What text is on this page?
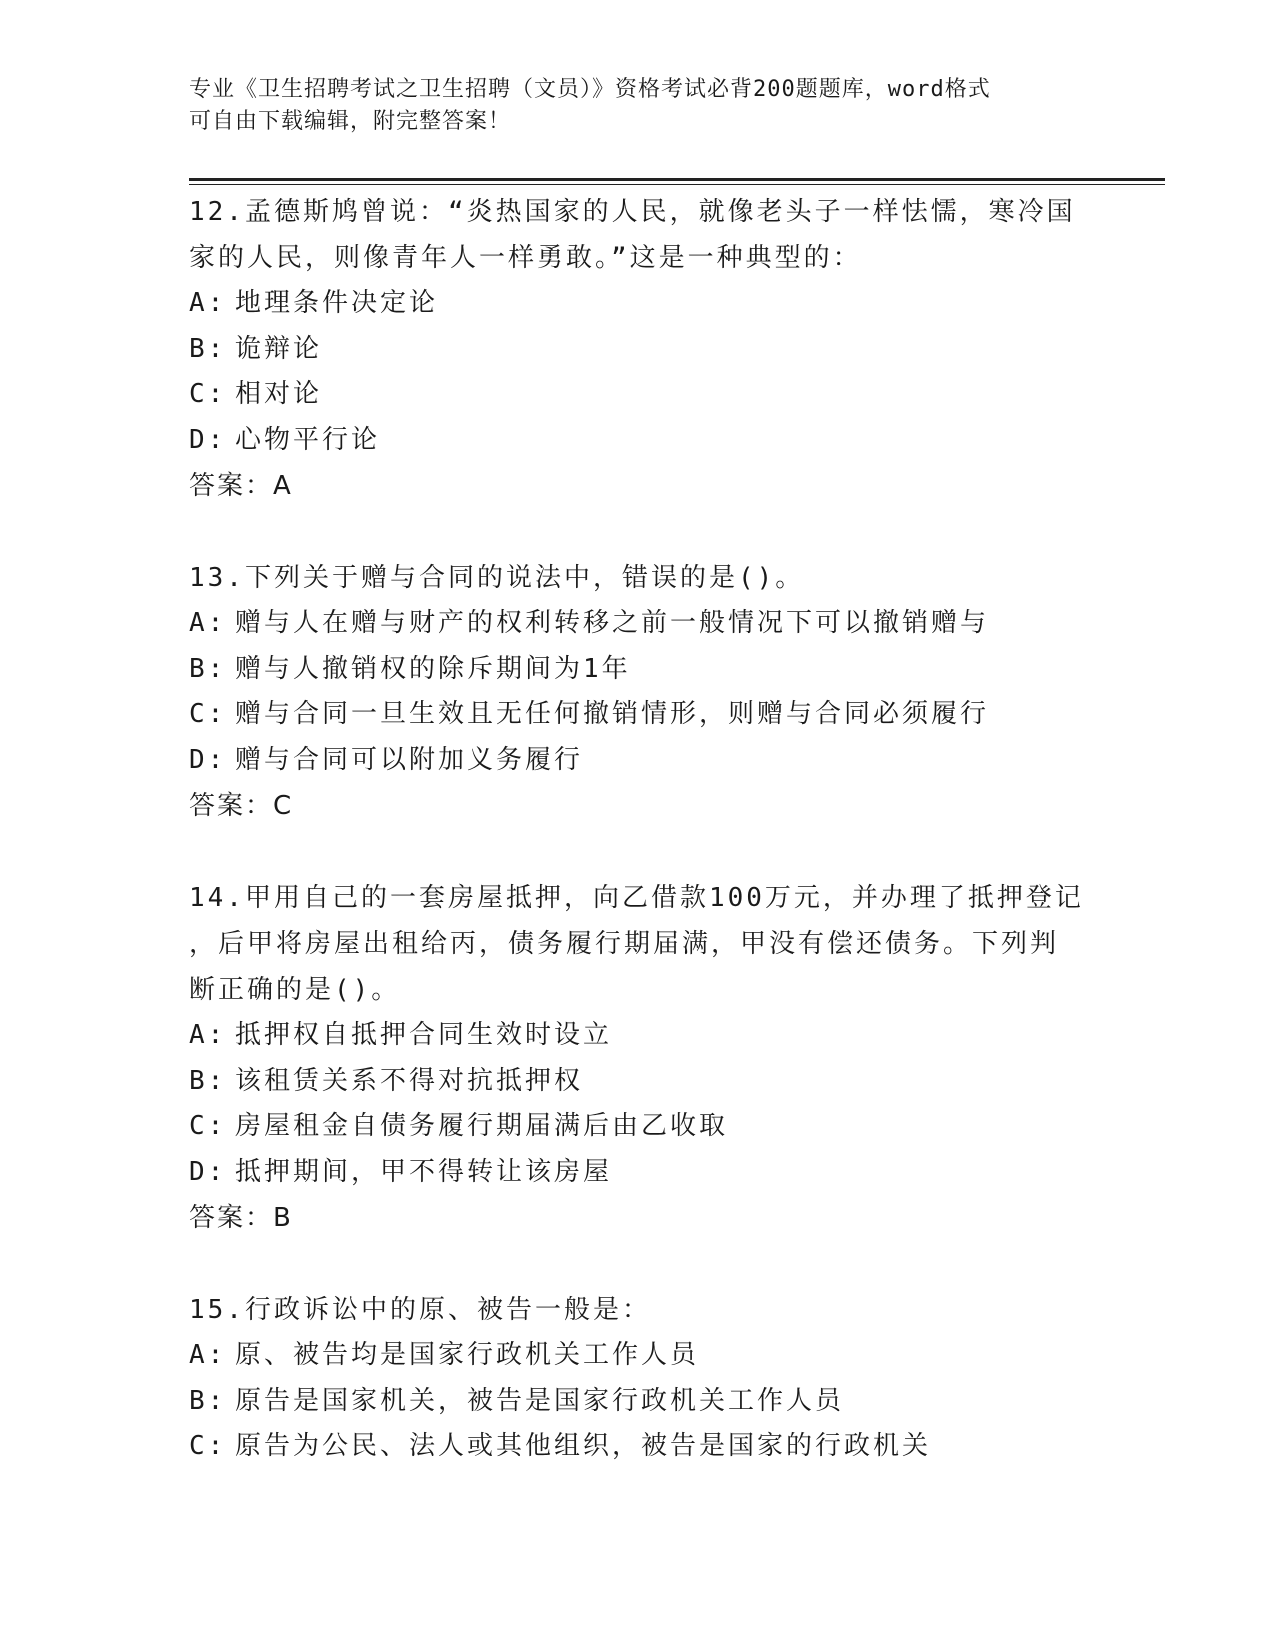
专业《卫生招聘考试之卫生招聘（文员）》资格考试必背200题题库，word格式
可自由下载编辑，附完整答案！
12.孟德斯鸠曾说：“炎热国家的人民，就像老头子一样怯懦，寒冷国
家的人民，则像青年人一样勇敢。”这是一种典型的：
A: 地理条件决定论
B: 诡辩论
C: 相对论
D: 心物平行论
答案：A
13.下列关于赠与合同的说法中，错误的是()。
A: 赠与人在赠与财产的权利转移之前一般情况下可以撤销赠与
B: 赠与人撤销权的除斥期间为1年
C: 赠与合同一旦生效且无任何撤销情形，则赠与合同必须履行
D: 赠与合同可以附加义务履行
答案：C
14.甲用自己的一套房屋抵押，向乙借款100万元，并办理了抵押登记
，后甲将房屋出租给丙，债务履行期届满，甲没有偿还债务。下列判
断正确的是()。
A: 抵押权自抵押合同生效时设立
B: 该租赁关系不得对抗抵押权
C: 房屋租金自债务履行期届满后由乙收取
D: 抵押期间，甲不得转让该房屋
答案：B
15.行政诉讼中的原、被告一般是：
A: 原、被告均是国家行政机关工作人员
B: 原告是国家机关，被告是国家行政机关工作人员
C: 原告为公民、法人或其他组织，被告是国家的行政机关
